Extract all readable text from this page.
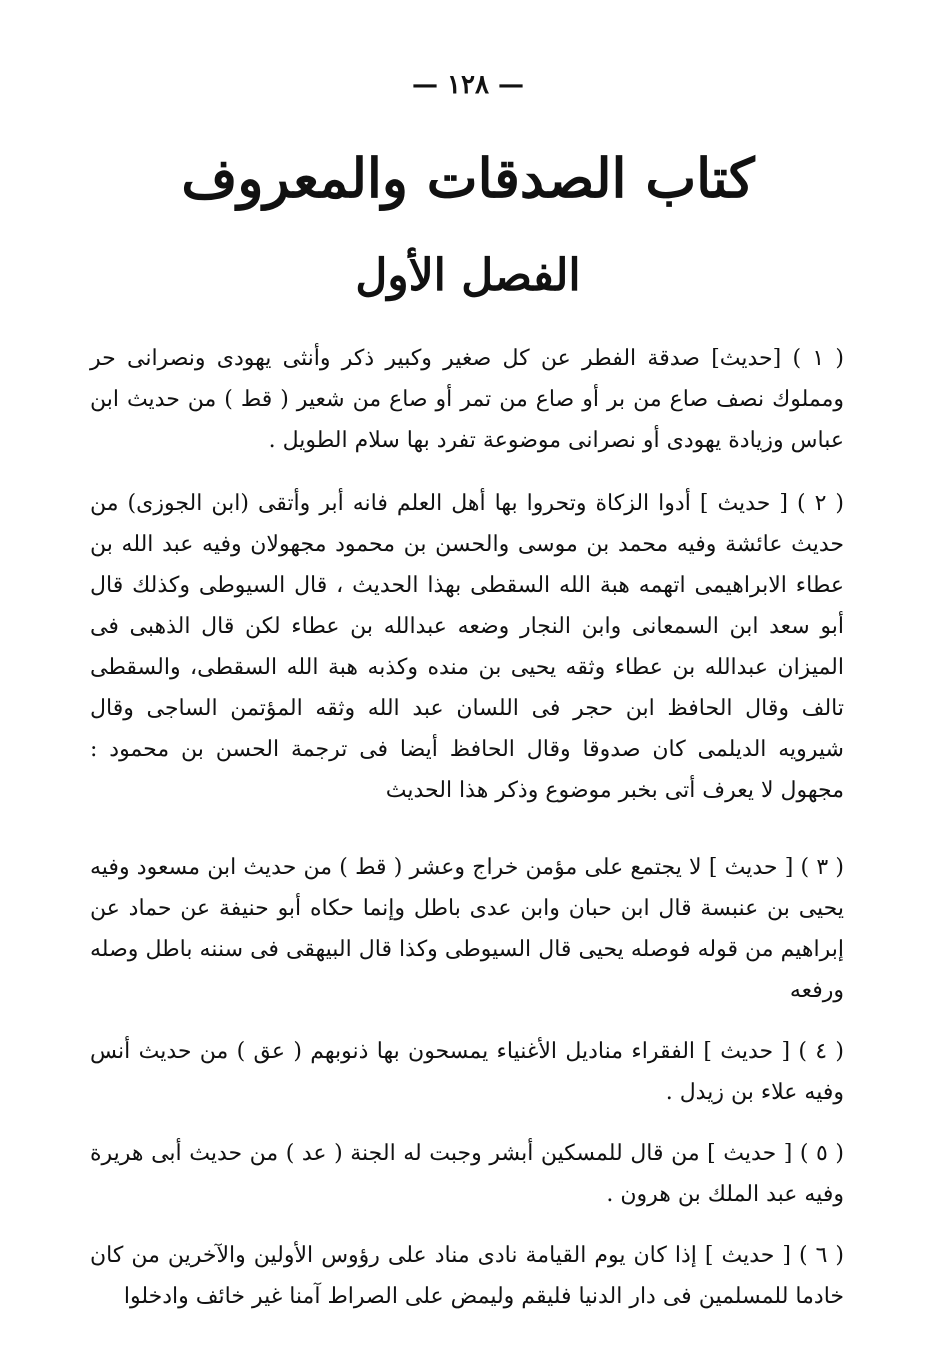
— ١٢٨ —
كتاب الصدقات والمعروف
الفصل الأول

( ١ ) [حديث] صدقة الفطر عن كل صغير وكبير ذكر وأنثى يهودى ونصرانى حر ومملوك نصف صاع من بر أو صاع من تمر أو صاع من شعير ( قط ) من حديث ابن عباس وزيادة يهودى أو نصرانى موضوعة تفرد بها سلام الطويل .

( ٢ ) [ حديث ] أدوا الزكاة وتحروا بها أهل العلم فانه أبر وأتقى (ابن الجوزى) من حديث عائشة وفيه محمد بن موسى والحسن بن محمود مجهولان وفيه عبد الله بن عطاء الابراهيمى اتهمه هبة الله السقطى بهذا الحديث ، قال السيوطى وكذلك قال أبو سعد ابن السمعانى وابن النجار وضعه عبدالله بن عطاء لكن قال الذهبى فى الميزان عبدالله بن عطاء وثقه يحيى بن منده وكذبه هبة الله السقطى، والسقطى تالف وقال الحافظ ابن حجر فى اللسان عبد الله وثقه المؤتمن الساجى وقال شيرويه الديلمى كان صدوقا وقال الحافظ أيضا فى ترجمة الحسن بن محمود : مجهول لا يعرف أتى بخبر موضوع وذكر هذا الحديث

( ٣ ) [ حديث ] لا يجتمع على مؤمن خراج وعشر ( قط ) من حديث ابن مسعود وفيه يحيى بن عنبسة قال ابن حبان وابن عدى باطل وإنما حكاه أبو حنيفة عن حماد عن إبراهيم من قوله فوصله يحيى قال السيوطى وكذا قال البيهقى فى سننه باطل وصله ورفعه

( ٤ ) [ حديث ] الفقراء مناديل الأغنياء يمسحون بها ذنوبهم ( عق ) من حديث أنس وفيه علاء بن زيدل .

( ٥ ) [ حديث ] من قال للمسكين أبشر وجبت له الجنة ( عد ) من حديث أبى هريرة وفيه عبد الملك بن هرون .

( ٦ ) [ حديث ] إذا كان يوم القيامة نادى مناد على رؤوس الأولين والآخرين من كان خادما للمسلمين فى دار الدنيا فليقم وليمض على الصراط آمنا غير خائف وادخلوا
